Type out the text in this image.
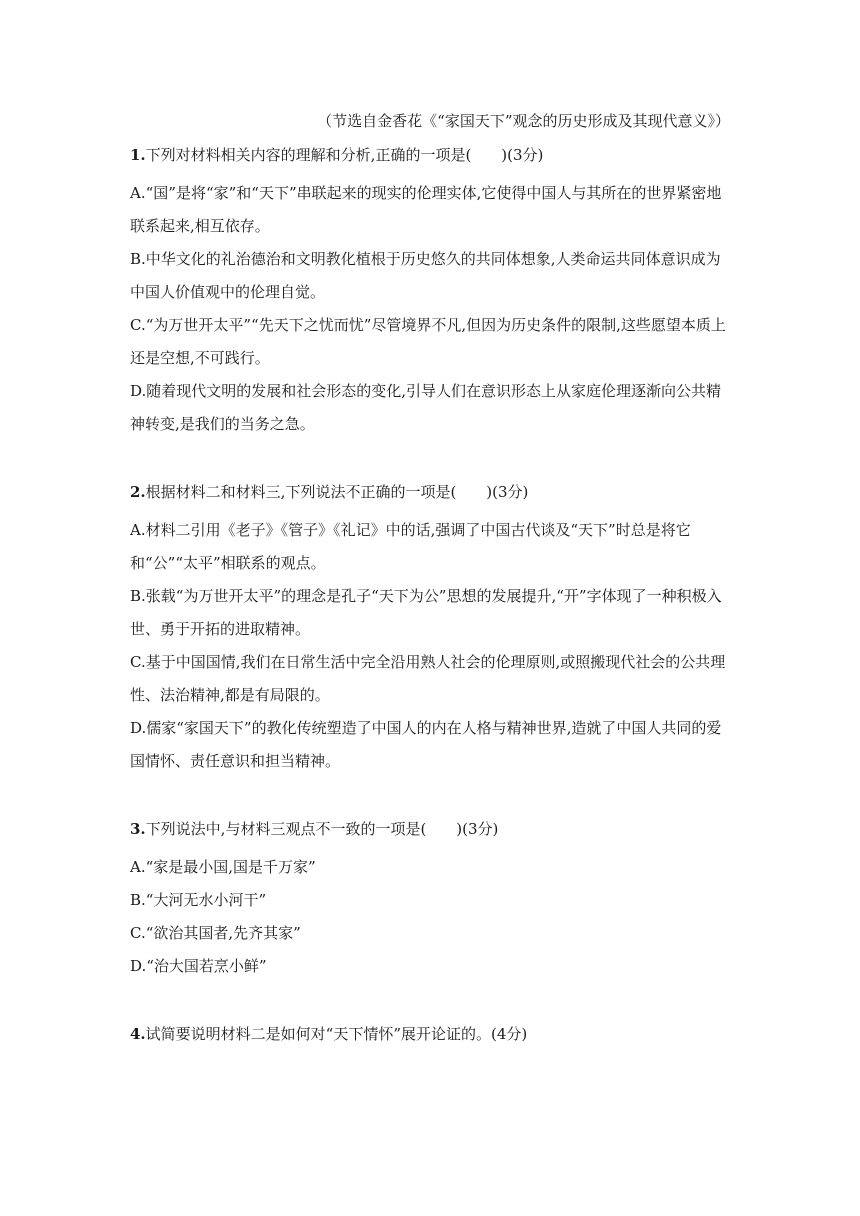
（节选自金香花《“家国天下”观念的历史形成及其现代意义》）

1.下列对材料相关内容的理解和分析,正确的一项是(　　)(3分)

A.“国”是将“家”和“天下”串联起来的现实的伦理实体,它使得中国人与其所在的世界紧密地联系起来,相互依存。

B.中华文化的礼治德治和文明教化植根于历史悠久的共同体想象,人类命运共同体意识成为中国人价值观中的伦理自觉。

C.“为万世开太平”“先天下之忧而忧”尽管境界不凡,但因为历史条件的限制,这些愿望本质上还是空想,不可践行。

D.随着现代文明的发展和社会形态的变化,引导人们在意识形态上从家庭伦理逐渐向公共精神转变,是我们的当务之急。

2.根据材料二和材料三,下列说法不正确的一项是(　　)(3分)

A.材料二引用《老子》《管子》《礼记》中的话,强调了中国古代谈及“天下”时总是将它和“公”“太平”相联系的观点。

B.张载“为万世开太平”的理念是孔子“天下为公”思想的发展提升,“开”字体现了一种积极入世、勇于开拓的进取精神。

C.基于中国国情,我们在日常生活中完全沿用熟人社会的伦理原则,或照搬现代社会的公共理性、法治精神,都是有局限的。

D.儒家“家国天下”的教化传统塑造了中国人的内在人格与精神世界,造就了中国人共同的爱国情怀、责任意识和担当精神。

3.下列说法中,与材料三观点不一致的一项是(　　)(3分)

A.“家是最小国,国是千万家”

B.“大河无水小河干”

C.“欲治其国者,先齐其家”

D.“治大国若烹小鲜”

4.试简要说明材料二是如何对“天下情怀”展开论证的。(4分)
